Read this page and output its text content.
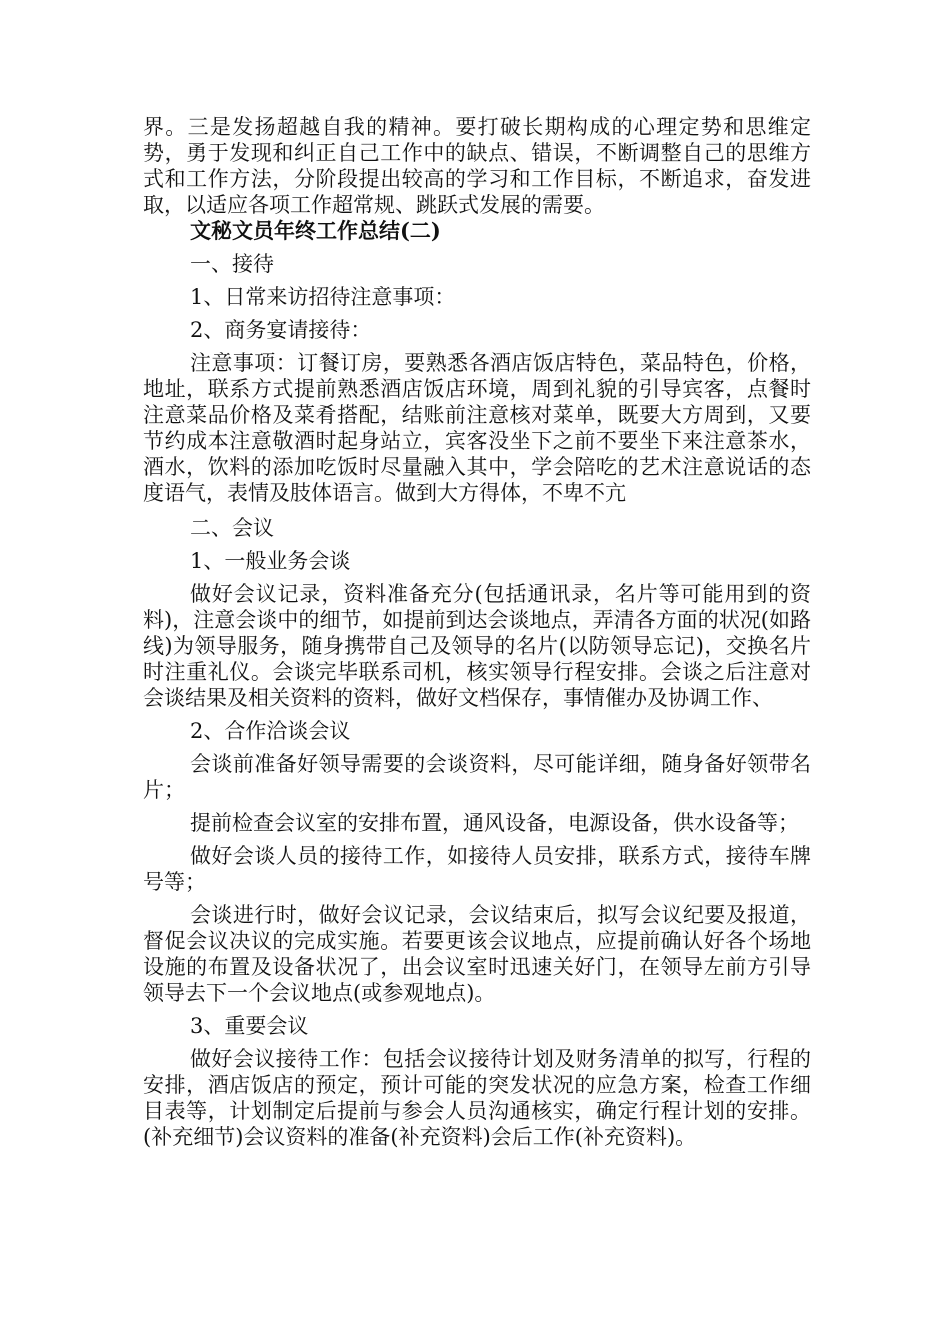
界。三是发扬超越自我的精神。要打破长期构成的心理定势和思维定势，勇于发现和纠正自己工作中的缺点、错误，不断调整自己的思维方式和工作方法，分阶段提出较高的学习和工作目标，不断追求，奋发进取，以适应各项工作超常规、跳跃式发展的需要。

文秘文员年终工作总结(二)

一、接待

1、日常来访招待注意事项：

2、商务宴请接待：

注意事项：订餐订房，要熟悉各酒店饭店特色，菜品特色，价格，地址，联系方式提前熟悉酒店饭店环境，周到礼貌的引导宾客，点餐时注意菜品价格及菜肴搭配，结账前注意核对菜单，既要大方周到，又要节约成本注意敬酒时起身站立，宾客没坐下之前不要坐下来注意茶水，酒水，饮料的添加吃饭时尽量融入其中，学会陪吃的艺术注意说话的态度语气，表情及肢体语言。做到大方得体，不卑不亢

二、会议

1、一般业务会谈

做好会议记录，资料准备充分(包括通讯录，名片等可能用到的资料)，注意会谈中的细节，如提前到达会谈地点，弄清各方面的状况(如路线)为领导服务，随身携带自己及领导的名片(以防领导忘记)，交换名片时注重礼仪。会谈完毕联系司机，核实领导行程安排。会谈之后注意对会谈结果及相关资料的资料，做好文档保存，事情催办及协调工作、

2、合作洽谈会议

会谈前准备好领导需要的会谈资料，尽可能详细，随身备好领带名片；

提前检查会议室的安排布置，通风设备，电源设备，供水设备等；

做好会谈人员的接待工作，如接待人员安排，联系方式，接待车牌号等；

会谈进行时，做好会议记录，会议结束后，拟写会议纪要及报道，督促会议决议的完成实施。若要更该会议地点，应提前确认好各个场地设施的布置及设备状况了，出会议室时迅速关好门，在领导左前方引导领导去下一个会议地点(或参观地点)。

3、重要会议

做好会议接待工作：包括会议接待计划及财务清单的拟写，行程的安排，酒店饭店的预定，预计可能的突发状况的应急方案，检查工作细目表等，计划制定后提前与参会人员沟通核实，确定行程计划的安排。(补充细节)会议资料的准备(补充资料)会后工作(补充资料)。
